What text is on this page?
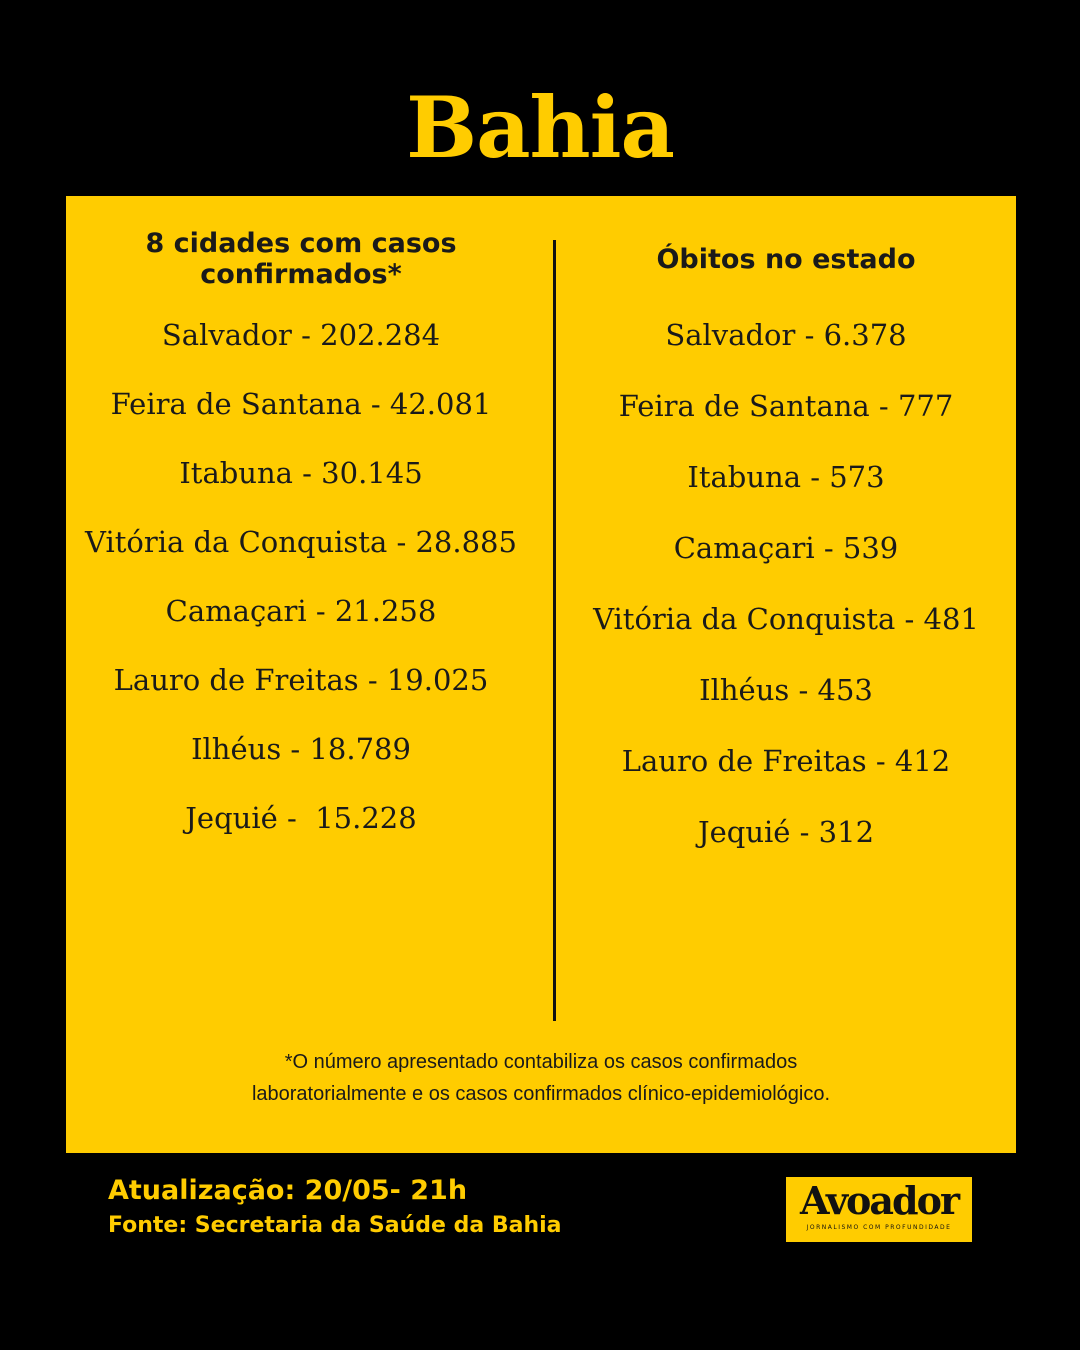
Bahia
8 cidades com casos
confirmados*
Salvador - 202.284
Feira de Santana - 42.081
Itabuna - 30.145
Vitória da Conquista - 28.885
Camaçari - 21.258
Lauro de Freitas - 19.025
Ilhéus - 18.789
Jequié -  15.228
Óbitos no estado
Salvador - 6.378
Feira de Santana - 777
Itabuna - 573
Camaçari - 539
Vitória da Conquista - 481
Ilhéus - 453
Lauro de Freitas - 412
Jequié - 312
*O número apresentado contabiliza os casos confirmados
laboratorialmente e os casos confirmados clínico-epidemiológico.
Atualização: 20/05- 21h
Fonte: Secretaria da Saúde da Bahia
Avoador
JORNALISMO COM PROFUNDIDADE
